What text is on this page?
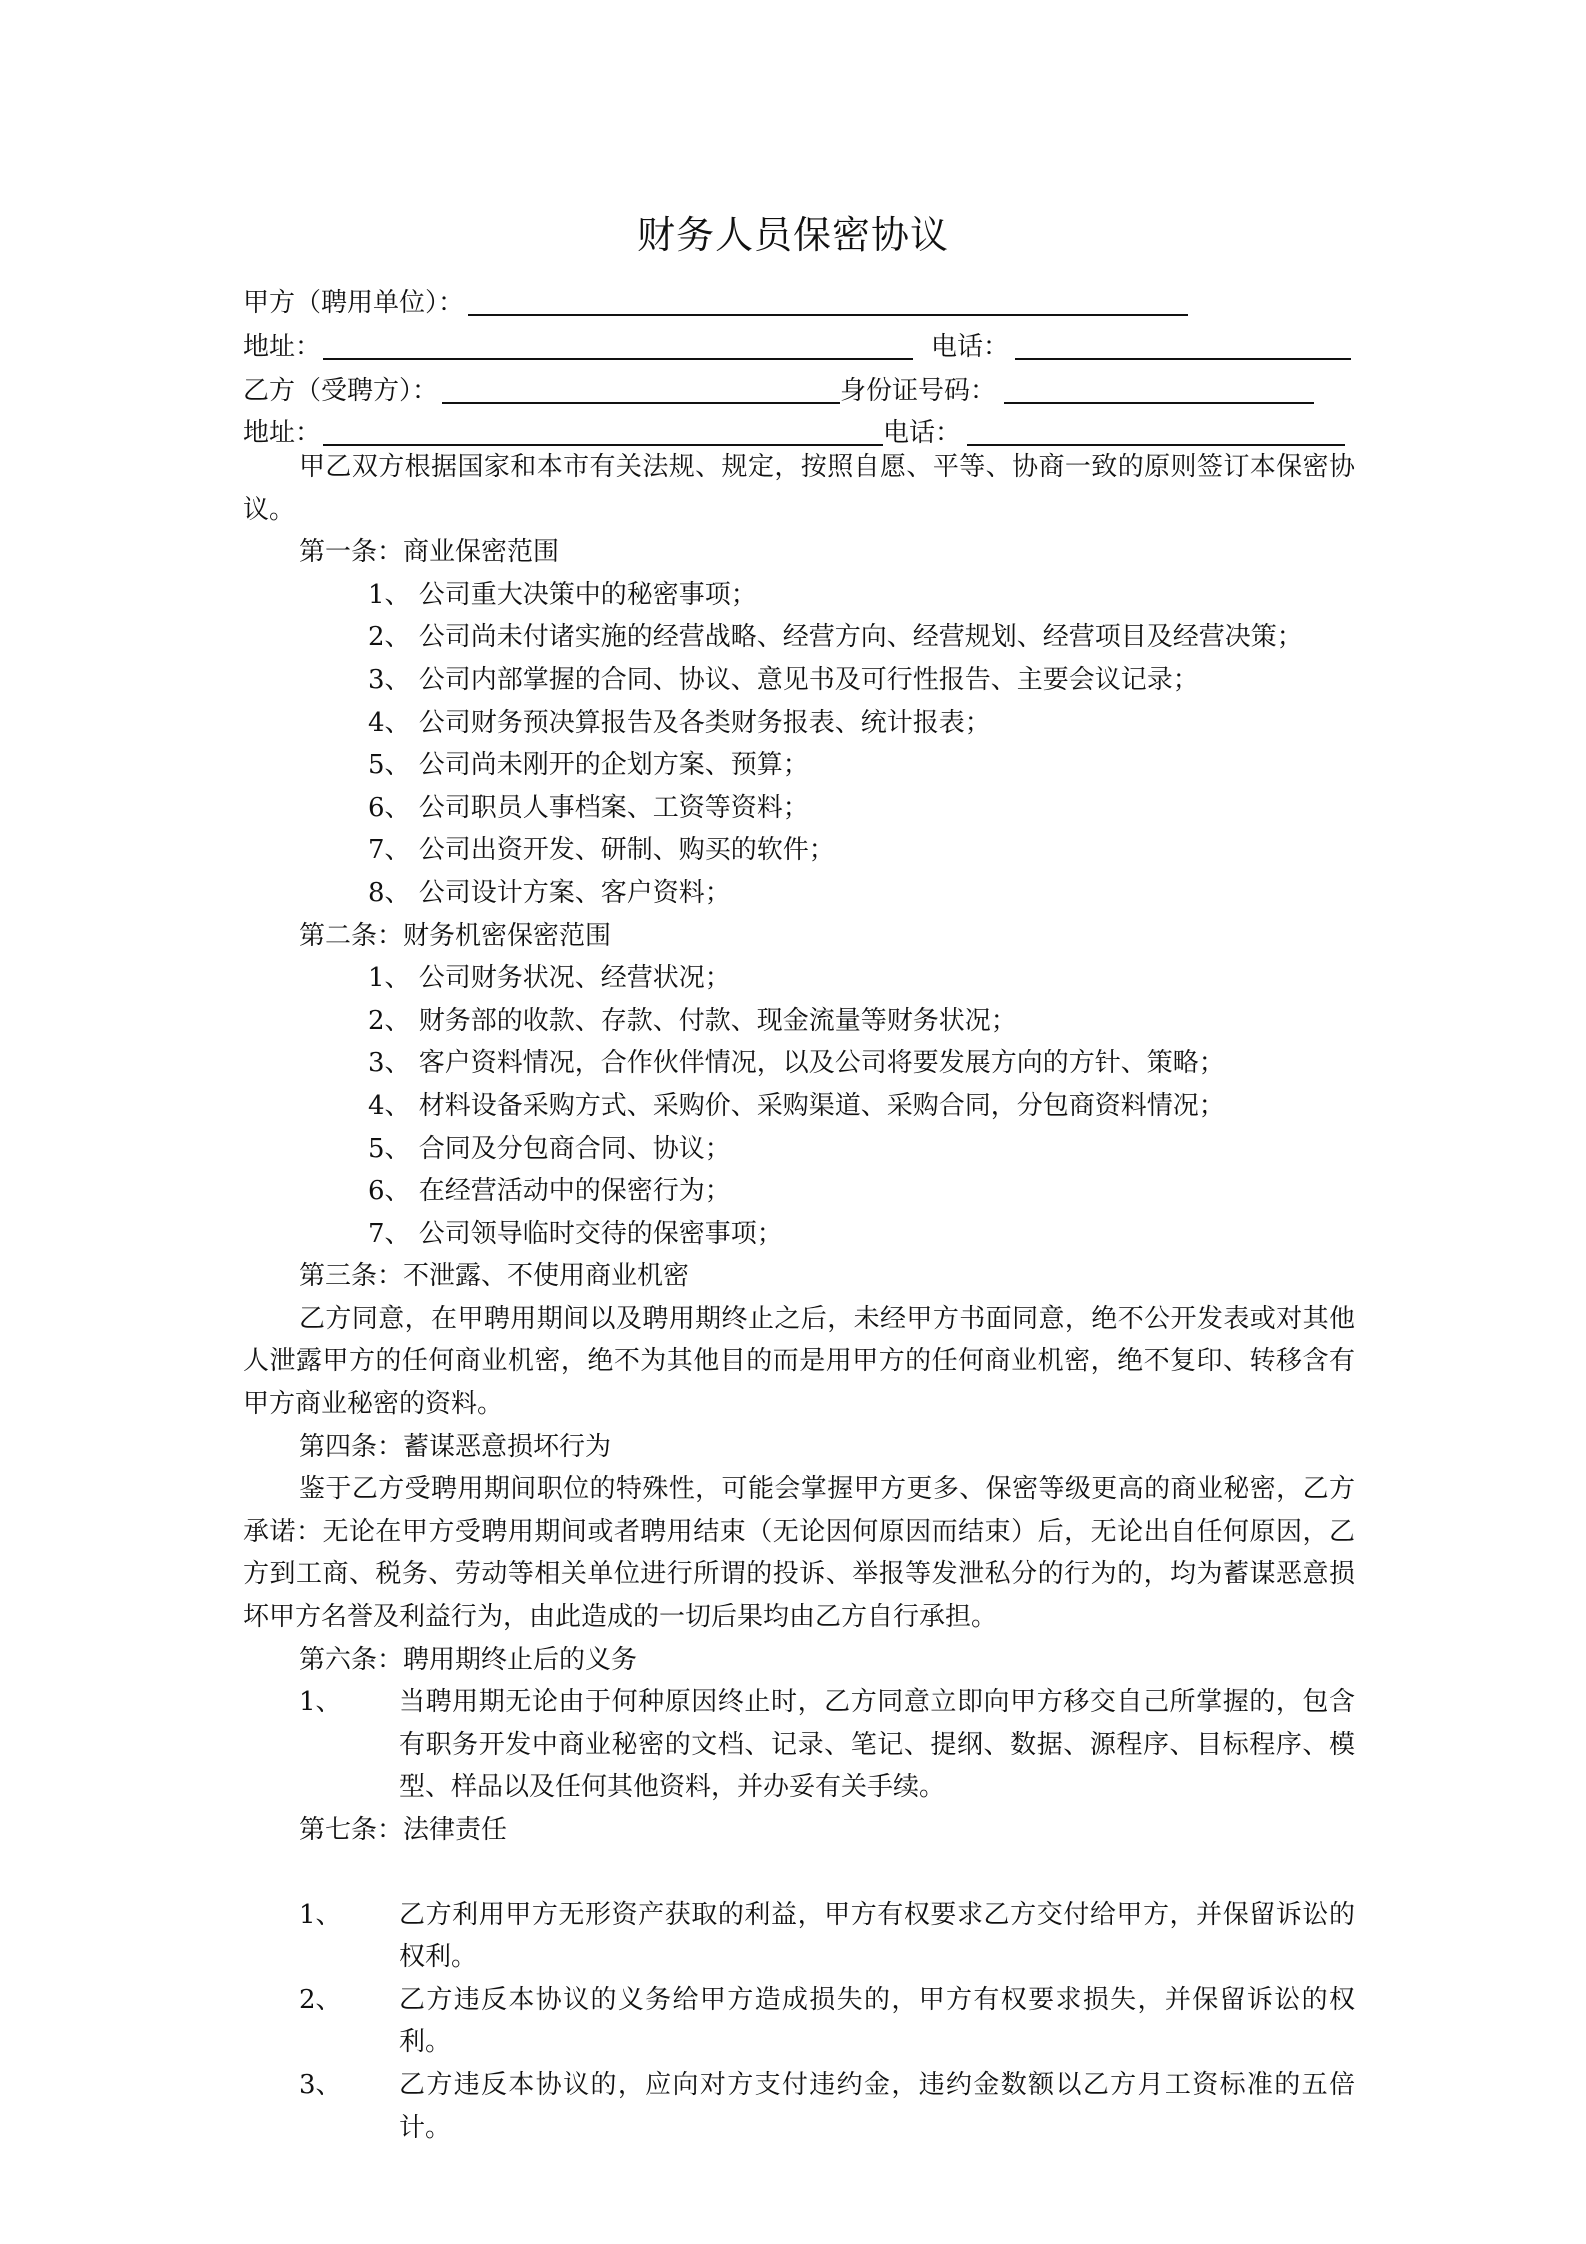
财务人员保密协议
甲方（聘用单位）：
地址：	电话：
乙方（受聘方）：	身份证号码：
地址：	电话：

甲乙双方根据国家和本市有关法规、规定，按照自愿、平等、协商一致的原则签订本保密协议。

第一条：商业保密范围

1、 公司重大决策中的秘密事项；

2、 公司尚未付诸实施的经营战略、经营方向、经营规划、经营项目及经营决策；

3、 公司内部掌握的合同、协议、意见书及可行性报告、主要会议记录；

4、 公司财务预决算报告及各类财务报表、统计报表；

5、 公司尚未刚开的企划方案、预算；

6、 公司职员人事档案、工资等资料；

7、 公司出资开发、研制、购买的软件；

8、 公司设计方案、客户资料；

第二条：财务机密保密范围

1、 公司财务状况、经营状况；

2、 财务部的收款、存款、付款、现金流量等财务状况；

3、 客户资料情况，合作伙伴情况，以及公司将要发展方向的方针、策略；

4、 材料设备采购方式、采购价、采购渠道、采购合同，分包商资料情况；

5、 合同及分包商合同、协议；

6、 在经营活动中的保密行为；

7、 公司领导临时交待的保密事项；

第三条：不泄露、不使用商业机密

乙方同意，在甲聘用期间以及聘用期终止之后，未经甲方书面同意，绝不公开发表或对其他人泄露甲方的任何商业机密，绝不为其他目的而是用甲方的任何商业机密，绝不复印、转移含有甲方商业秘密的资料。

第四条：蓄谋恶意损坏行为

鉴于乙方受聘用期间职位的特殊性，可能会掌握甲方更多、保密等级更高的商业秘密，乙方承诺：无论在甲方受聘用期间或者聘用结束（无论因何原因而结束）后，无论出自任何原因，乙方到工商、税务、劳动等相关单位进行所谓的投诉、举报等发泄私分的行为的，均为蓄谋恶意损坏甲方名誉及利益行为，由此造成的一切后果均由乙方自行承担。

第六条：聘用期终止后的义务

1、	当聘用期无论由于何种原因终止时，乙方同意立即向甲方移交自己所掌握的，包含有职务开发中商业秘密的文档、记录、笔记、提纲、数据、源程序、目标程序、模型、样品以及任何其他资料，并办妥有关手续。

第七条：法律责任

1、	乙方利用甲方无形资产获取的利益，甲方有权要求乙方交付给甲方，并保留诉讼的权利。
2、	乙方违反本协议的义务给甲方造成损失的，甲方有权要求损失，并保留诉讼的权利。
3、	乙方违反本协议的，应向对方支付违约金，违约金数额以乙方月工资标准的五倍计。
